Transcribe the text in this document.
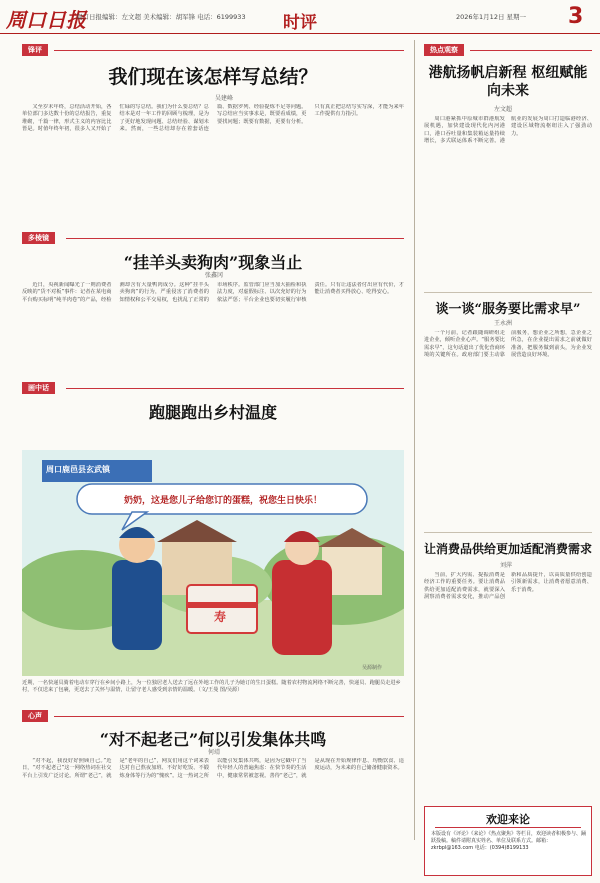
周口日报
周口日报编辑：左文超 美术编辑：胡军锋 电话：6199933	时评	2026年1月12日 星期一 3
锋评
我们现在该怎样写总结？
吴建峰

又至岁末年终，总结活动开始，各单位部门多达数十份的总结报告，重复堆砌，千篇一律，形式主义的内容比比皆是。时值年终年初，很多人又开始了忙碌的写总结。我们为什么要总结？总结本是对一年工作的回顾与梳理，是为了更好地发现问题、总结经验、谋划未来。然而，一些总结却存在着套话连篇、数据罗列、经验提炼不足等问题。写总结应当实事求是，既要看成绩，更要找问题；既要有数据，更要有分析。只有真正把总结写实写深，才能为来年工作提供有力指引。

多棱镜
“挂羊头卖狗肉”现象当止
张鑫冈

近日，央视新闻曝光了一则消费者反映的“货不对板”事件：记者在某电商平台购买标明“纯羊肉卷”的产品，经检测却含有大量鸭肉成分。这种“挂羊头卖狗肉”的行为，严重侵害了消费者的知情权和公平交易权，也扰乱了正常的市场秩序。监管部门应当加大抽检和执法力度，对虚假标注、以次充好的行为依法严惩；平台企业也要切实履行审核责任。只有让违法者付出应有代价，才能让消费者买得放心、吃得安心。

画中话
跑腿跑出乡村温度
周口鹿邑县玄武镇
奶奶，这是您儿子给您订的蛋糕，祝您生日快乐！
寿
吴源制作
近期，一名快递员骑着电动车穿行在乡间小路上，为一位独居老人送去了远在外地工作的儿子为她订的生日蛋糕。随着农村物流网络不断完善，快递员、跑腿员走进乡村，不仅送来了包裹，更送去了关怀与温情，让留守老人感受到亲情的温暖。（文/王曼 图/吴源）
心声
“对不起老己”何以引发集体共鸣
何靖

“对不起，我没好好照顾自己。”近日，“对不起老己”这一网络热词在社交平台上引发广泛讨论。所谓“老己”，就是“老年的自己”，网友们用这个词来表达对自己熬夜加班、不好好吃饭、不锻炼身体等行为的“愧疚”。这一热词之所以能引发集体共鸣，是因为它戳中了当代年轻人的普遍焦虑：在快节奏的生活中，健康常常被忽视。善待“老己”，就是从现在开始规律作息、均衡饮食、适度运动，为未来的自己储备健康资本。

热点观察
港航扬帆启新程 枢纽赋能向未来
左文超

周口港紧抓中原城市群港航发展机遇，加快建设现代化内河港口，港口吞吐量和集装箱运量持续增长，多式联运体系不断完善。港航业的发展为周口打造临港经济、建设区域物流枢纽注入了强劲动力。

谈一谈“服务要比需求早”
王永洲

一个月前，记者跟随调研组走进企业，倾听企业心声。“服务要比需求早”，这句话道出了优化营商环境的关键所在。政府部门要主动靠前服务，想企业之所想，急企业之所急，在企业提出需求之前就做好准备，把服务做到前头，为企业发展营造良好环境。

让消费品供给更加适配消费需求
刘萍

当前，扩大内需、提振消费是经济工作的重要任务。要让消费品供给更加适配消费需求，就要深入洞察消费者需求变化，推动产品创新和品质提升，以高质量供给创造引领新需求，让消费者愿意消费、乐于消费。

欢迎来论
本版设有《评论》《来论》《热点聚焦》等栏目，欢迎读者积极参与、踊跃投稿。稿件请附真实姓名、单位及联系方式。邮箱：zkrbpl@163.com 电话：(0394)8199133
